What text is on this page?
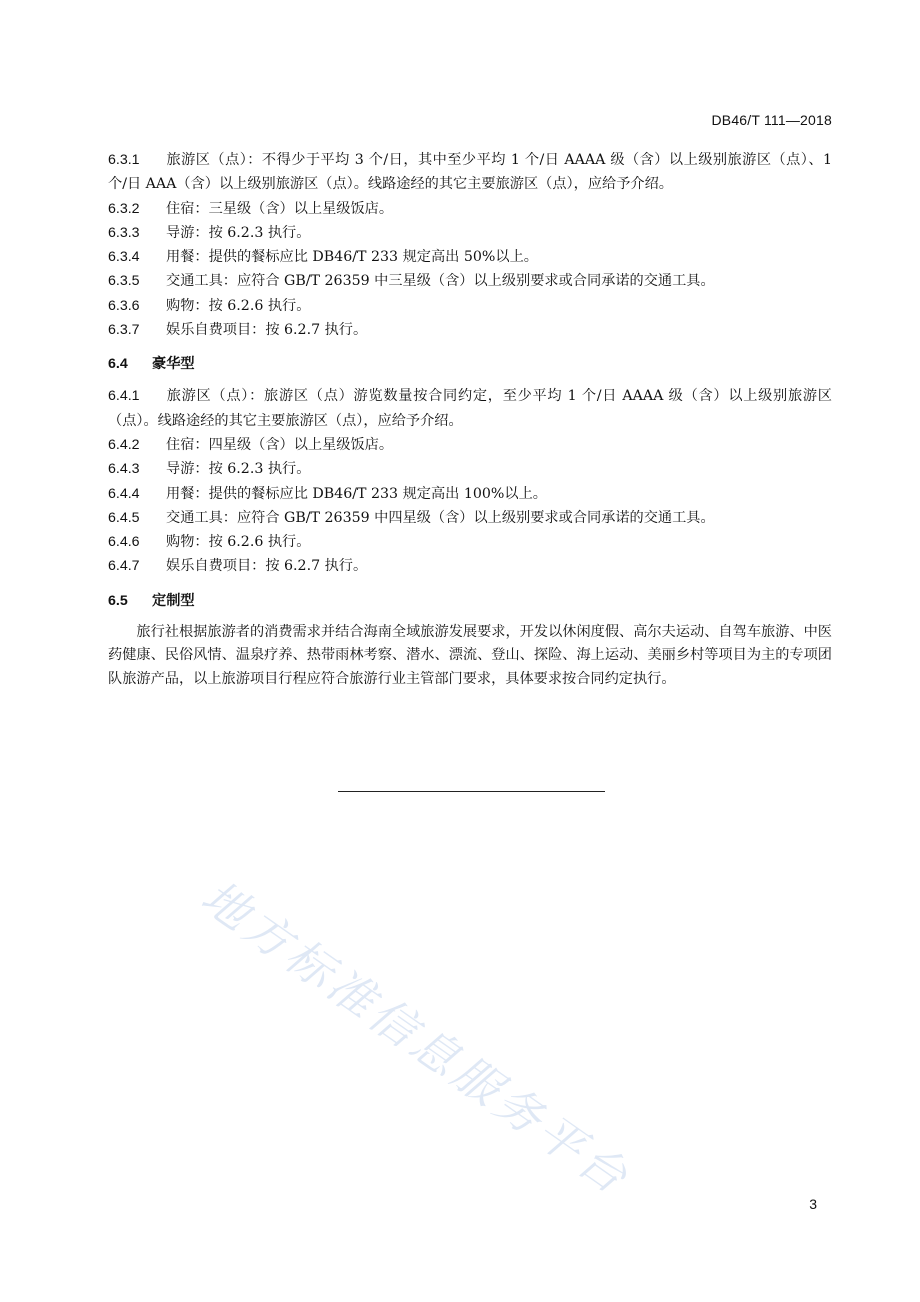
DB46/T 111—2018
6.3.1 旅游区（点）：不得少于平均 3 个/日，其中至少平均 1 个/日 AAAA 级（含）以上级别旅游区（点）、1 个/日 AAA（含）以上级别旅游区（点）。线路途经的其它主要旅游区（点），应给予介绍。
6.3.2 住宿：三星级（含）以上星级饭店。
6.3.3 导游：按 6.2.3 执行。
6.3.4 用餐：提供的餐标应比 DB46/T 233 规定高出 50%以上。
6.3.5 交通工具：应符合 GB/T 26359 中三星级（含）以上级别要求或合同承诺的交通工具。
6.3.6 购物：按 6.2.6 执行。
6.3.7 娱乐自费项目：按 6.2.7 执行。
6.4 豪华型
6.4.1 旅游区（点）：旅游区（点）游览数量按合同约定，至少平均 1 个/日 AAAA 级（含）以上级别旅游区（点）。线路途经的其它主要旅游区（点），应给予介绍。
6.4.2 住宿：四星级（含）以上星级饭店。
6.4.3 导游：按 6.2.3 执行。
6.4.4 用餐：提供的餐标应比 DB46/T 233 规定高出 100%以上。
6.4.5 交通工具：应符合 GB/T 26359 中四星级（含）以上级别要求或合同承诺的交通工具。
6.4.6 购物：按 6.2.6 执行。
6.4.7 娱乐自费项目：按 6.2.7 执行。
6.5 定制型
旅行社根据旅游者的消费需求并结合海南全域旅游发展要求，开发以休闲度假、高尔夫运动、自驾车旅游、中医药健康、民俗风情、温泉疗养、热带雨林考察、潜水、漂流、登山、探险、海上运动、美丽乡村等项目为主的专项团队旅游产品，以上旅游项目行程应符合旅游行业主管部门要求，具体要求按合同约定执行。
地方标准信息服务平台	3
